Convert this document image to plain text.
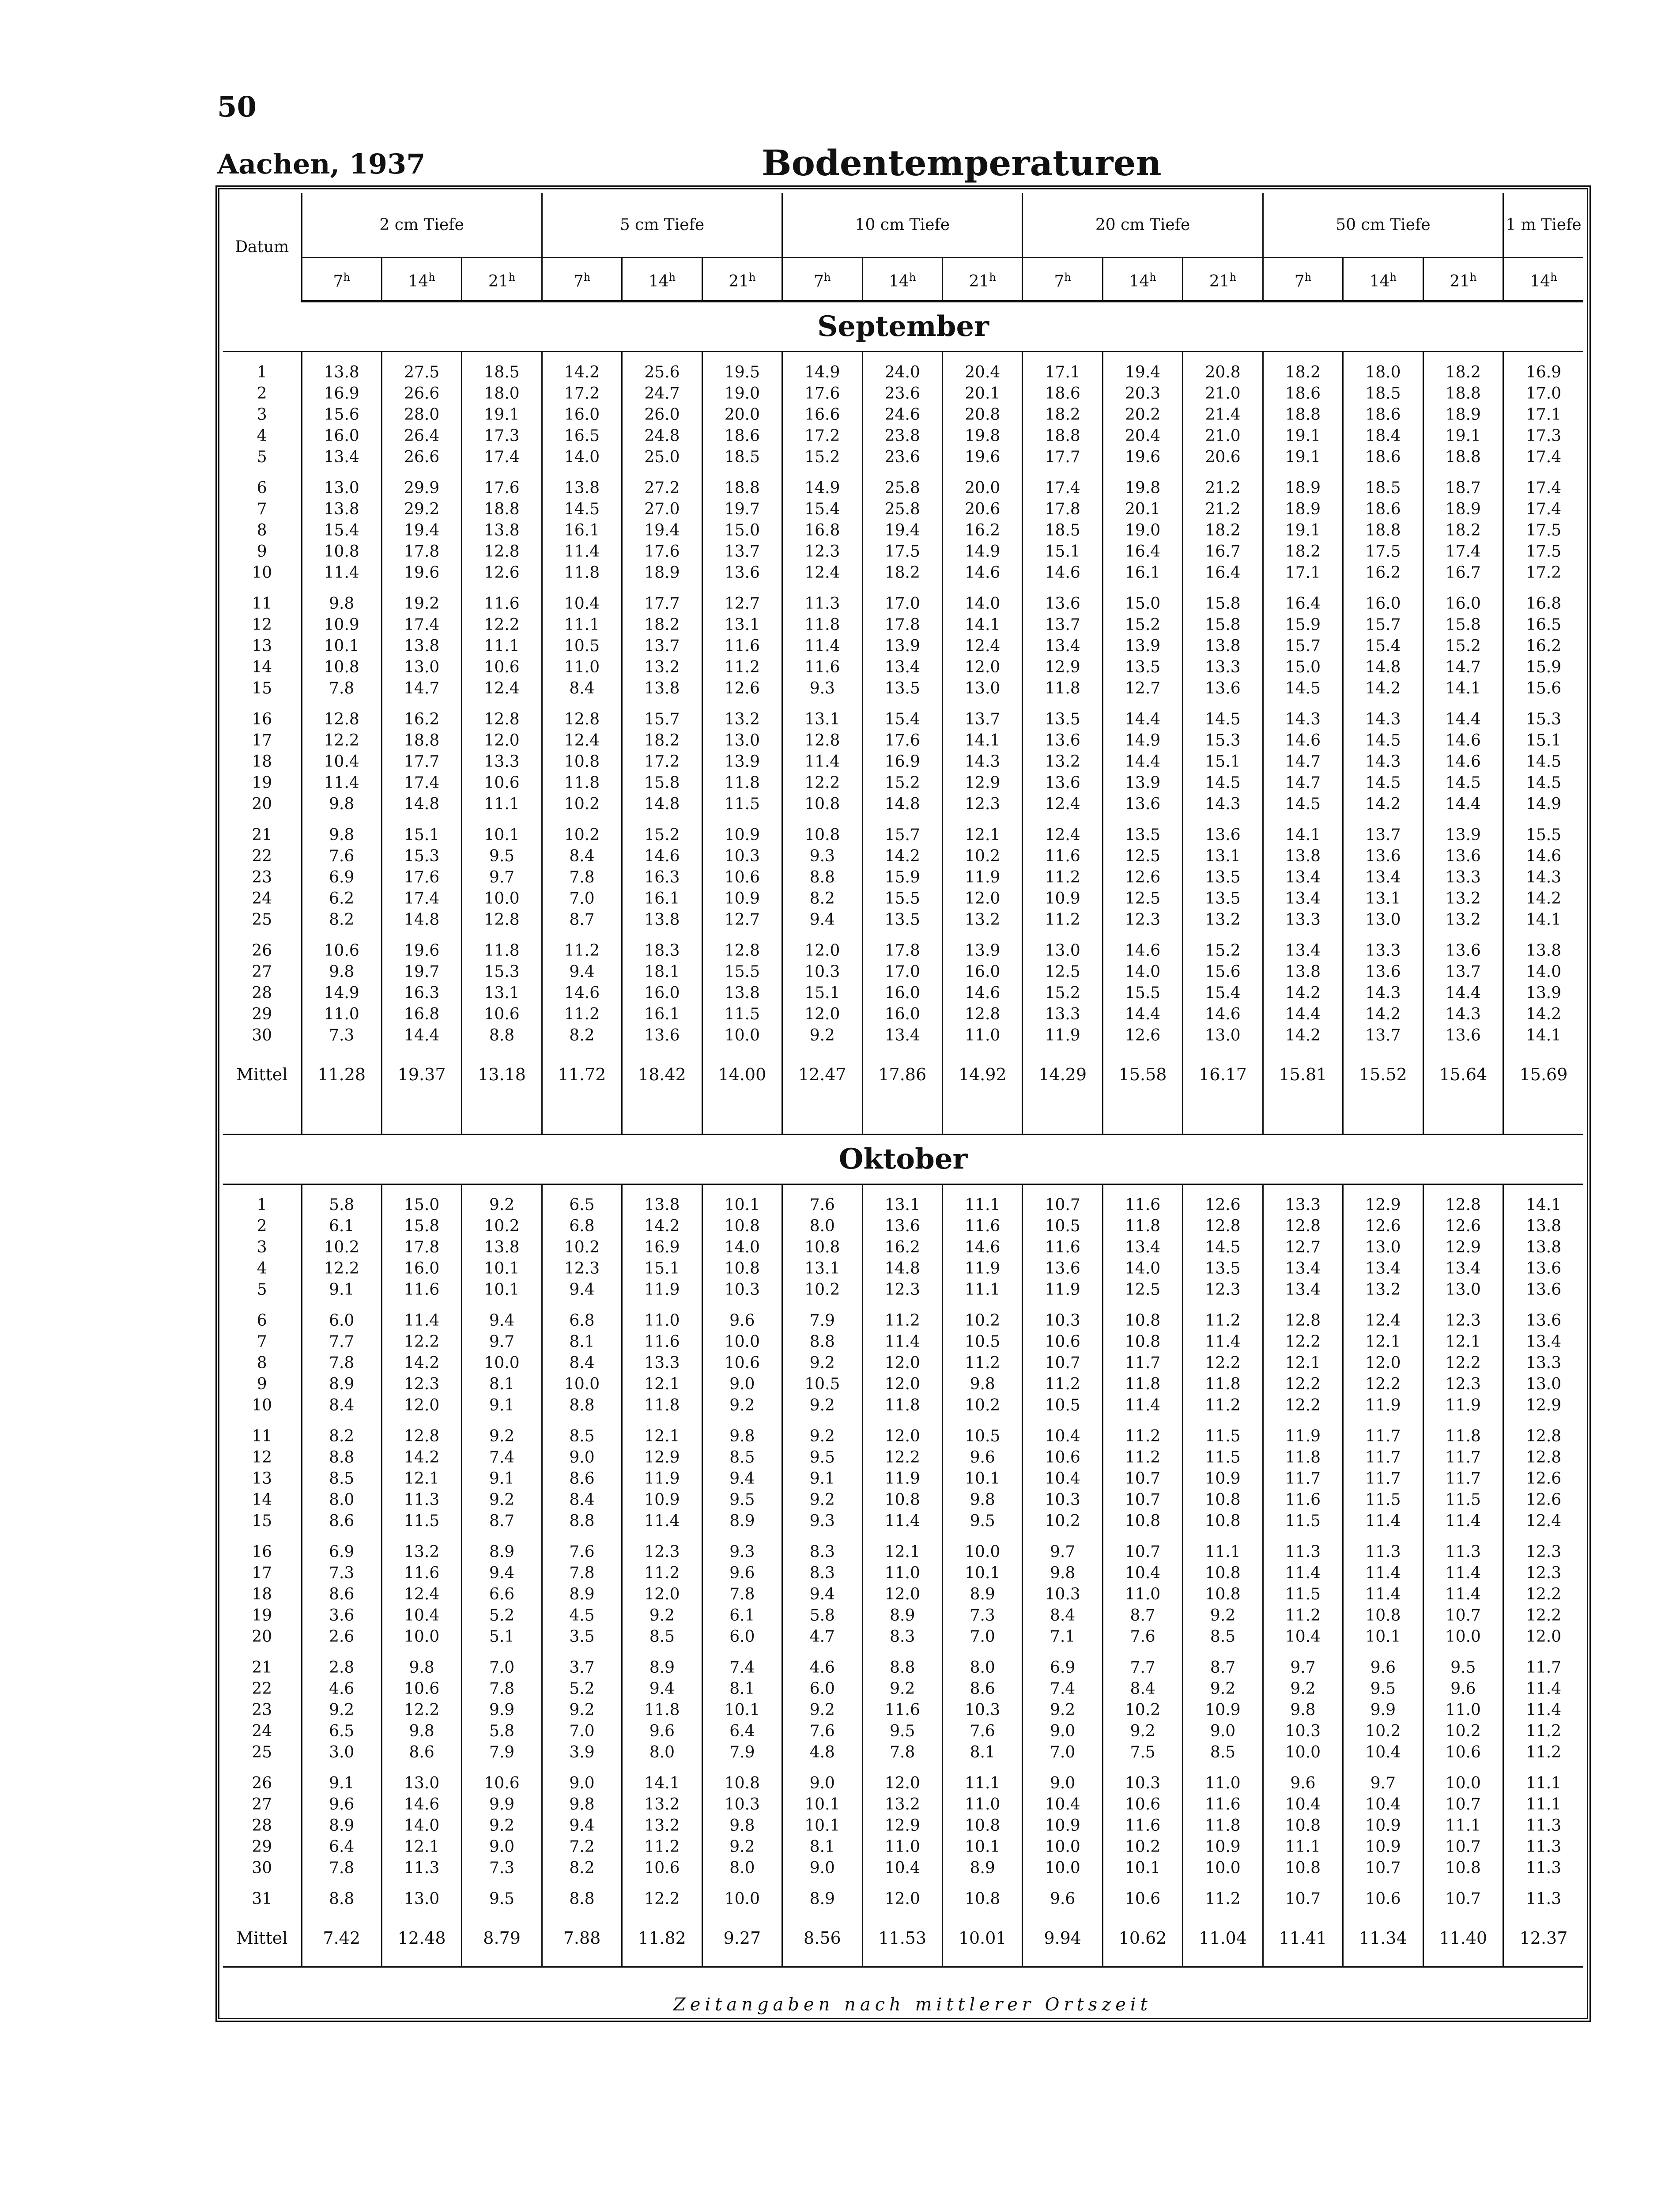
50
Aachen, 1937	Bodentemperaturen
Datum	2 cm Tiefe			5 cm Tiefe			10 cm Tiefe			20 cm Tiefe			50 cm Tiefe			1 m Tiefe
	7$^h$	14$^h$	21$^h$	7$^h$	14$^h$	21$^h$	7$^h$	14$^h$	21$^h$	7$^h$	14$^h$	21$^h$	7$^h$	14$^h$	21$^h$	14$^h$
September																
1	13.8	27.5	18.5	14.2	25.6	19.5	14.9	24.0	20.4	17.1	19.4	20.8	18.2	18.0	18.2	16.9
2	16.9	26.6	18.0	17.2	24.7	19.0	17.6	23.6	20.1	18.6	20.3	21.0	18.6	18.5	18.8	17.0
3	15.6	28.0	19.1	16.0	26.0	20.0	16.6	24.6	20.8	18.2	20.2	21.4	18.8	18.6	18.9	17.1
4	16.0	26.4	17.3	16.5	24.8	18.6	17.2	23.8	19.8	18.8	20.4	21.0	19.1	18.4	19.1	17.3
5	13.4	26.6	17.4	14.0	25.0	18.5	15.2	23.6	19.6	17.7	19.6	20.6	19.1	18.6	18.8	17.4
6	13.0	29.9	17.6	13.8	27.2	18.8	14.9	25.8	20.0	17.4	19.8	21.2	18.9	18.5	18.7	17.4
7	13.8	29.2	18.8	14.5	27.0	19.7	15.4	25.8	20.6	17.8	20.1	21.2	18.9	18.6	18.9	17.4
8	15.4	19.4	13.8	16.1	19.4	15.0	16.8	19.4	16.2	18.5	19.0	18.2	19.1	18.8	18.2	17.5
9	10.8	17.8	12.8	11.4	17.6	13.7	12.3	17.5	14.9	15.1	16.4	16.7	18.2	17.5	17.4	17.5
10	11.4	19.6	12.6	11.8	18.9	13.6	12.4	18.2	14.6	14.6	16.1	16.4	17.1	16.2	16.7	17.2
11	9.8	19.2	11.6	10.4	17.7	12.7	11.3	17.0	14.0	13.6	15.0	15.8	16.4	16.0	16.0	16.8
12	10.9	17.4	12.2	11.1	18.2	13.1	11.8	17.8	14.1	13.7	15.2	15.8	15.9	15.7	15.8	16.5
13	10.1	13.8	11.1	10.5	13.7	11.6	11.4	13.9	12.4	13.4	13.9	13.8	15.7	15.4	15.2	16.2
14	10.8	13.0	10.6	11.0	13.2	11.2	11.6	13.4	12.0	12.9	13.5	13.3	15.0	14.8	14.7	15.9
15	7.8	14.7	12.4	8.4	13.8	12.6	9.3	13.5	13.0	11.8	12.7	13.6	14.5	14.2	14.1	15.6
16	12.8	16.2	12.8	12.8	15.7	13.2	13.1	15.4	13.7	13.5	14.4	14.5	14.3	14.3	14.4	15.3
17	12.2	18.8	12.0	12.4	18.2	13.0	12.8	17.6	14.1	13.6	14.9	15.3	14.6	14.5	14.6	15.1
18	10.4	17.7	13.3	10.8	17.2	13.9	11.4	16.9	14.3	13.2	14.4	15.1	14.7	14.3	14.6	14.5
19	11.4	17.4	10.6	11.8	15.8	11.8	12.2	15.2	12.9	13.6	13.9	14.5	14.7	14.5	14.5	14.5
20	9.8	14.8	11.1	10.2	14.8	11.5	10.8	14.8	12.3	12.4	13.6	14.3	14.5	14.2	14.4	14.9
21	9.8	15.1	10.1	10.2	15.2	10.9	10.8	15.7	12.1	12.4	13.5	13.6	14.1	13.7	13.9	15.5
22	7.6	15.3	9.5	8.4	14.6	10.3	9.3	14.2	10.2	11.6	12.5	13.1	13.8	13.6	13.6	14.6
23	6.9	17.6	9.7	7.8	16.3	10.6	8.8	15.9	11.9	11.2	12.6	13.5	13.4	13.4	13.3	14.3
24	6.2	17.4	10.0	7.0	16.1	10.9	8.2	15.5	12.0	10.9	12.5	13.5	13.4	13.1	13.2	14.2
25	8.2	14.8	12.8	8.7	13.8	12.7	9.4	13.5	13.2	11.2	12.3	13.2	13.3	13.0	13.2	14.1
26	10.6	19.6	11.8	11.2	18.3	12.8	12.0	17.8	13.9	13.0	14.6	15.2	13.4	13.3	13.6	13.8
27	9.8	19.7	15.3	9.4	18.1	15.5	10.3	17.0	16.0	12.5	14.0	15.6	13.8	13.6	13.7	14.0
28	14.9	16.3	13.1	14.6	16.0	13.8	15.1	16.0	14.6	15.2	15.5	15.4	14.2	14.3	14.4	13.9
29	11.0	16.8	10.6	11.2	16.1	11.5	12.0	16.0	12.8	13.3	14.4	14.6	14.4	14.2	14.3	14.2
30	7.3	14.4	8.8	8.2	13.6	10.0	9.2	13.4	11.0	11.9	12.6	13.0	14.2	13.7	13.6	14.1
Mittel	11.28	19.37	13.18	11.72	18.42	14.00	12.47	17.86	14.92	14.29	15.58	16.17	15.81	15.52	15.64	15.69
Oktober																
1	5.8	15.0	9.2	6.5	13.8	10.1	7.6	13.1	11.1	10.7	11.6	12.6	13.3	12.9	12.8	14.1
2	6.1	15.8	10.2	6.8	14.2	10.8	8.0	13.6	11.6	10.5	11.8	12.8	12.8	12.6	12.6	13.8
3	10.2	17.8	13.8	10.2	16.9	14.0	10.8	16.2	14.6	11.6	13.4	14.5	12.7	13.0	12.9	13.8
4	12.2	16.0	10.1	12.3	15.1	10.8	13.1	14.8	11.9	13.6	14.0	13.5	13.4	13.4	13.4	13.6
5	9.1	11.6	10.1	9.4	11.9	10.3	10.2	12.3	11.1	11.9	12.5	12.3	13.4	13.2	13.0	13.6
6	6.0	11.4	9.4	6.8	11.0	9.6	7.9	11.2	10.2	10.3	10.8	11.2	12.8	12.4	12.3	13.6
7	7.7	12.2	9.7	8.1	11.6	10.0	8.8	11.4	10.5	10.6	10.8	11.4	12.2	12.1	12.1	13.4
8	7.8	14.2	10.0	8.4	13.3	10.6	9.2	12.0	11.2	10.7	11.7	12.2	12.1	12.0	12.2	13.3
9	8.9	12.3	8.1	10.0	12.1	9.0	10.5	12.0	9.8	11.2	11.8	11.8	12.2	12.2	12.3	13.0
10	8.4	12.0	9.1	8.8	11.8	9.2	9.2	11.8	10.2	10.5	11.4	11.2	12.2	11.9	11.9	12.9
11	8.2	12.8	9.2	8.5	12.1	9.8	9.2	12.0	10.5	10.4	11.2	11.5	11.9	11.7	11.8	12.8
12	8.8	14.2	7.4	9.0	12.9	8.5	9.5	12.2	9.6	10.6	11.2	11.5	11.8	11.7	11.7	12.8
13	8.5	12.1	9.1	8.6	11.9	9.4	9.1	11.9	10.1	10.4	10.7	10.9	11.7	11.7	11.7	12.6
14	8.0	11.3	9.2	8.4	10.9	9.5	9.2	10.8	9.8	10.3	10.7	10.8	11.6	11.5	11.5	12.6
15	8.6	11.5	8.7	8.8	11.4	8.9	9.3	11.4	9.5	10.2	10.8	10.8	11.5	11.4	11.4	12.4
16	6.9	13.2	8.9	7.6	12.3	9.3	8.3	12.1	10.0	9.7	10.7	11.1	11.3	11.3	11.3	12.3
17	7.3	11.6	9.4	7.8	11.2	9.6	8.3	11.0	10.1	9.8	10.4	10.8	11.4	11.4	11.4	12.3
18	8.6	12.4	6.6	8.9	12.0	7.8	9.4	12.0	8.9	10.3	11.0	10.8	11.5	11.4	11.4	12.2
19	3.6	10.4	5.2	4.5	9.2	6.1	5.8	8.9	7.3	8.4	8.7	9.2	11.2	10.8	10.7	12.2
20	2.6	10.0	5.1	3.5	8.5	6.0	4.7	8.3	7.0	7.1	7.6	8.5	10.4	10.1	10.0	12.0
21	2.8	9.8	7.0	3.7	8.9	7.4	4.6	8.8	8.0	6.9	7.7	8.7	9.7	9.6	9.5	11.7
22	4.6	10.6	7.8	5.2	9.4	8.1	6.0	9.2	8.6	7.4	8.4	9.2	9.2	9.5	9.6	11.4
23	9.2	12.2	9.9	9.2	11.8	10.1	9.2	11.6	10.3	9.2	10.2	10.9	9.8	9.9	11.0	11.4
24	6.5	9.8	5.8	7.0	9.6	6.4	7.6	9.5	7.6	9.0	9.2	9.0	10.3	10.2	10.2	11.2
25	3.0	8.6	7.9	3.9	8.0	7.9	4.8	7.8	8.1	7.0	7.5	8.5	10.0	10.4	10.6	11.2
26	9.1	13.0	10.6	9.0	14.1	10.8	9.0	12.0	11.1	9.0	10.3	11.0	9.6	9.7	10.0	11.1
27	9.6	14.6	9.9	9.8	13.2	10.3	10.1	13.2	11.0	10.4	10.6	11.6	10.4	10.4	10.7	11.1
28	8.9	14.0	9.2	9.4	13.2	9.8	10.1	12.9	10.8	10.9	11.6	11.8	10.8	10.9	11.1	11.3
29	6.4	12.1	9.0	7.2	11.2	9.2	8.1	11.0	10.1	10.0	10.2	10.9	11.1	10.9	10.7	11.3
30	7.8	11.3	7.3	8.2	10.6	8.0	9.0	10.4	8.9	10.0	10.1	10.0	10.8	10.7	10.8	11.3
31	8.8	13.0	9.5	8.8	12.2	10.0	8.9	12.0	10.8	9.6	10.6	11.2	10.7	10.6	10.7	11.3
Mittel	7.42	12.48	8.79	7.88	11.82	9.27	8.56	11.53	10.01	9.94	10.62	11.04	11.41	11.34	11.40	12.37
Zeitangaben nach mittlerer Ortszeit
